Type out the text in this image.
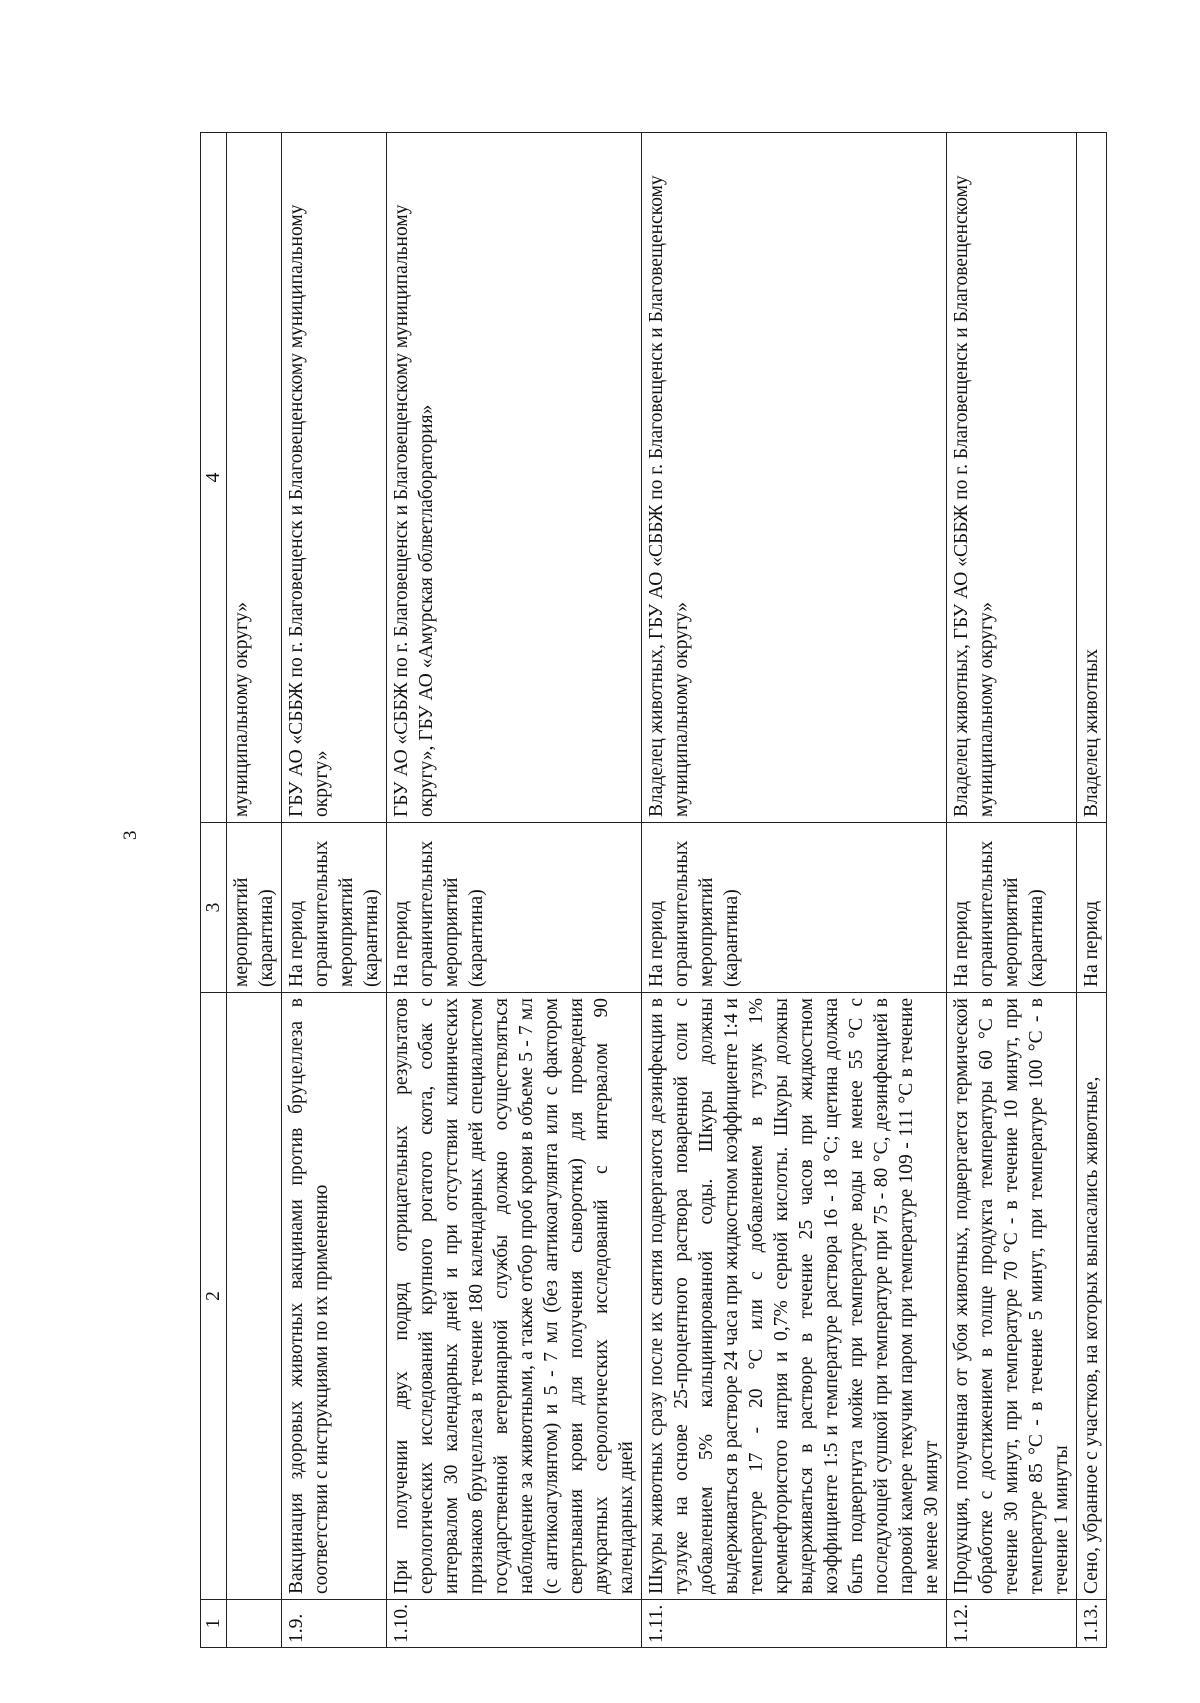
3
1	2	3	4
		мероприятий (карантина)	муниципальному округу»
1.9.	Вакцинация здоровых животных вакцинами против бруцеллеза в соответствии с инструкциями по их применению	На период ограничительных мероприятий (карантина)	ГБУ АО «СББЖ по г. Благовещенск и Благовещенскому муниципальному округу»
1.10.	При получении двух подряд отрицательных результатов серологических исследований крупного рогатого скота, собак с интервалом 30 календарных дней и при отсутствии клинических признаков бруцеллеза в течение 180 календарных дней специалистом государственной ветеринарной службы должно осуществляться наблюдение за животными, а также отбор проб крови в объеме 5 - 7 мл (с антикоагулянтом) и 5 - 7 мл (без антикоагулянта или с фактором свертывания крови для получения сыворотки) для проведения двукратных серологических исследований с интервалом 90 календарных дней	На период ограничительных мероприятий (карантина)	ГБУ АО «СББЖ по г. Благовещенск и Благовещенскому муниципальному округу», ГБУ АО «Амурская облветлаборатория»
1.11.	Шкуры животных сразу после их снятия подвергаются дезинфекции в тузлуке на основе 25-процентного раствора поваренной соли с добавлением 5% кальцинированной соды. Шкуры должны выдерживаться в растворе 24 часа при жидкостном коэффициенте 1:4 и температуре 17 - 20 °С или с добавлением в тузлук 1% кремнефтористого натрия и 0,7% серной кислоты. Шкуры должны выдерживаться в растворе в течение 25 часов при жидкостном коэффициенте 1:5 и температуре раствора 16 - 18 °С; щетина должна быть подвергнута мойке при температуре воды не менее 55 °С с последующей сушкой при температуре при 75 - 80 °С, дезинфекцией в паровой камере текучим паром при температуре 109 - 111 °С в течение не менее 30 минут	На период ограничительных мероприятий (карантина)	Владелец животных, ГБУ АО «СББЖ по г. Благовещенск и Благовещенскому муниципальному округу»
1.12.	Продукция, полученная от убоя животных, подвергается термической обработке с достижением в толще продукта температуры 60 °С в течение 30 минут, при температуре 70 °С - в течение 10 минут, при температуре 85 °С - в течение 5 минут, при температуре 100 °С - в течение 1 минуты	На период ограничительных мероприятий (карантина)	Владелец животных, ГБУ АО «СББЖ по г. Благовещенск и Благовещенскому муниципальному округу»
1.13.	Сено, убранное с участков, на которых выпасались животные,	На период	Владелец животных
